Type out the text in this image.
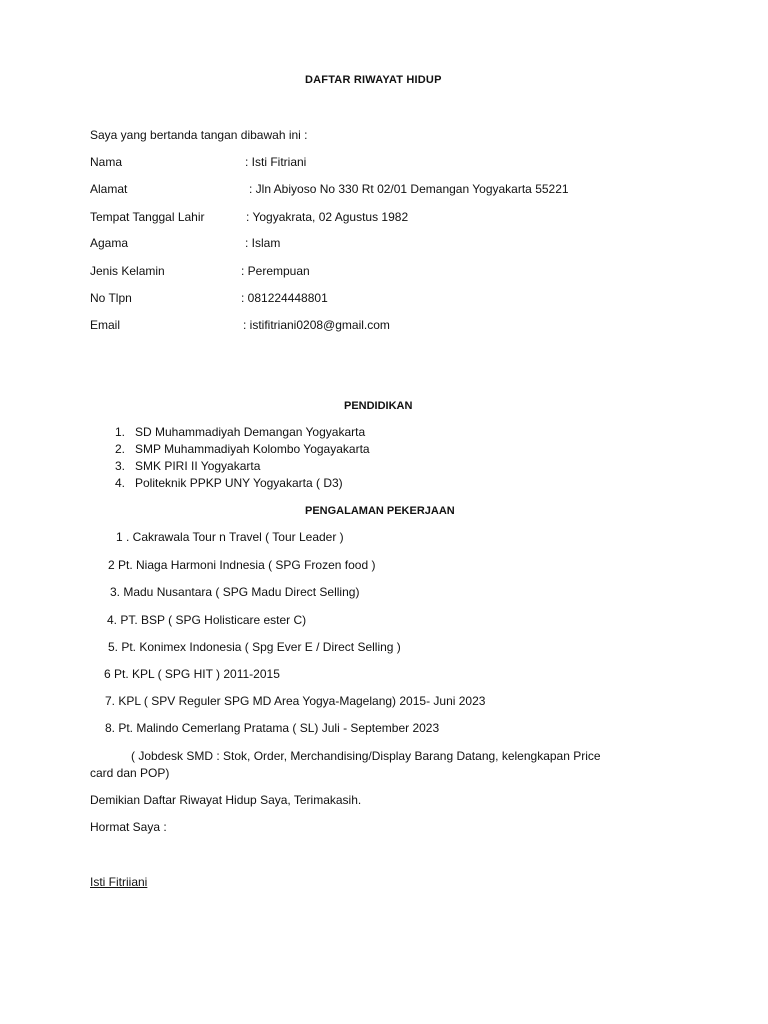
DAFTAR RIWAYAT HIDUP
Saya yang bertanda tangan dibawah ini :
Nama	: Isti Fitriani
Alamat	: Jln Abiyoso No 330 Rt 02/01 Demangan Yogyakarta 55221
Tempat Tanggal Lahir	: Yogyakrata, 02 Agustus 1982
Agama	: Islam
Jenis Kelamin	: Perempuan
No Tlpn	: 081224448801
Email	: istifitriani0208@gmail.com
PENDIDIKAN
1. SD Muhammadiyah Demangan Yogyakarta
2. SMP Muhammadiyah Kolombo Yogayakarta
3. SMK PIRI II Yogyakarta
4. Politeknik PPKP UNY Yogyakarta ( D3)
PENGALAMAN PEKERJAAN
1 . Cakrawala Tour n Travel ( Tour Leader )
2 Pt. Niaga Harmoni Indnesia ( SPG Frozen food )
3. Madu Nusantara ( SPG Madu Direct Selling)
4. PT. BSP ( SPG Holisticare ester C)
5. Pt. Konimex Indonesia ( Spg Ever E / Direct Selling )
6 Pt. KPL ( SPG HIT ) 2011-2015
7. KPL ( SPV Reguler SPG MD Area Yogya-Magelang) 2015- Juni 2023
8. Pt. Malindo Cemerlang Pratama ( SL) Juli - September 2023
( Jobdesk SMD : Stok, Order, Merchandising/Display Barang Datang, kelengkapan Price
card dan POP)
Demikian Daftar Riwayat Hidup Saya, Terimakasih.
Hormat Saya :
Isti Fitriiani
